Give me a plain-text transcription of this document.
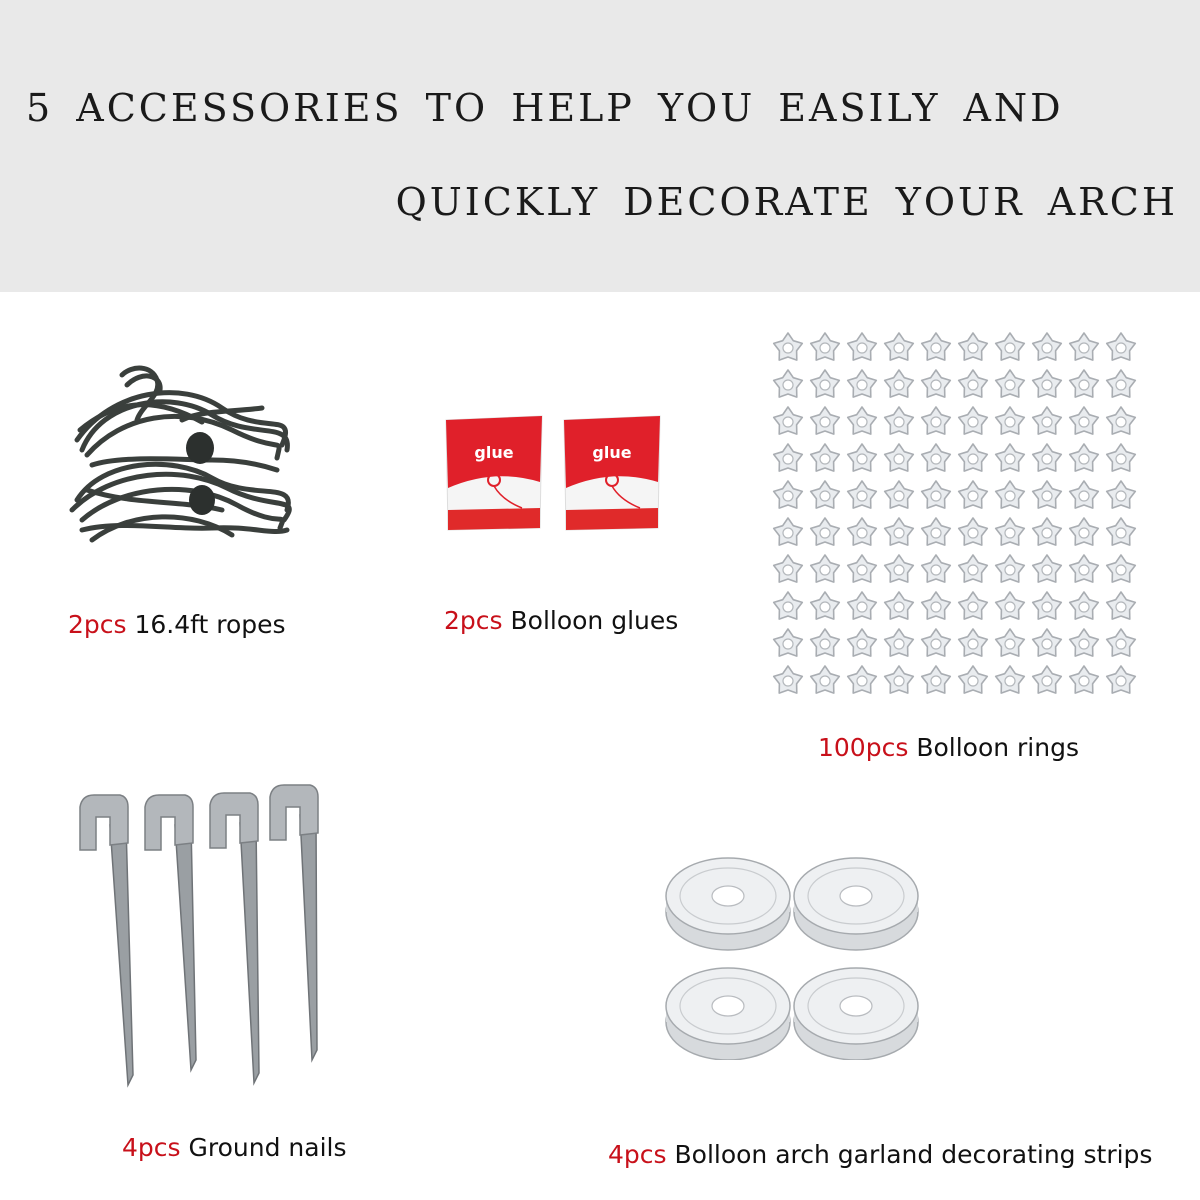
5 ACCESSORIES TO HELP YOU EASILY AND
QUICKLY DECORATE YOUR ARCH
2pcs 16.4ft ropes
glue	glue
2pcs Bolloon glues
100pcs Bolloon rings
4pcs Ground nails	4pcs Bolloon arch garland decorating strips
